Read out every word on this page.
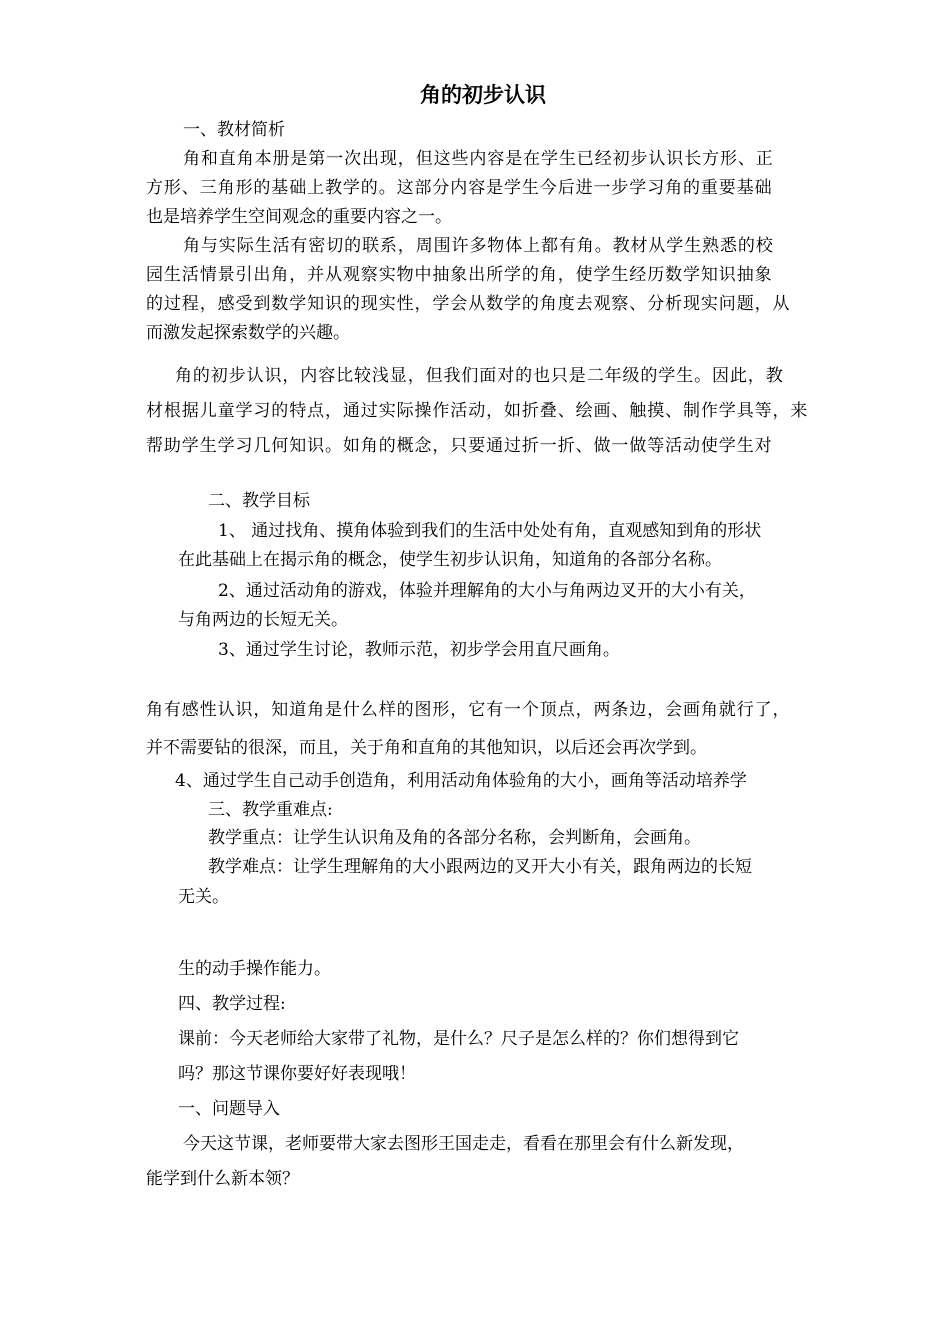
角的初步认识
一、教材简析
角和直角本册是第一次出现，但这些内容是在学生已经初步认识长方形、正
方形、三角形的基础上教学的。这部分内容是学生今后进一步学习角的重要基础
也是培养学生空间观念的重要内容之一。
角与实际生活有密切的联系，周围许多物体上都有角。教材从学生熟悉的校
园生活情景引出角，并从观察实物中抽象出所学的角，使学生经历数学知识抽象
的过程，感受到数学知识的现实性，学会从数学的角度去观察、分析现实问题，从
而激发起探索数学的兴趣。
角的初步认识，内容比较浅显，但我们面对的也只是二年级的学生。因此，教
材根据儿童学习的特点，通过实际操作活动，如折叠、绘画、触摸、制作学具等，来
帮助学生学习几何知识。如角的概念，只要通过折一折、做一做等活动使学生对
二、教学目标
1、 通过找角、摸角体验到我们的生活中处处有角，直观感知到角的形状
在此基础上在揭示角的概念，使学生初步认识角，知道角的各部分名称。
2、通过活动角的游戏，体验并理解角的大小与角两边叉开的大小有关，
与角两边的长短无关。
3、通过学生讨论，教师示范，初步学会用直尺画角。
角有感性认识，知道角是什么样的图形，它有一个顶点，两条边，会画角就行了，
并不需要钻的很深，而且，关于角和直角的其他知识，以后还会再次学到。
4、通过学生自己动手创造角，利用活动角体验角的大小，画角等活动培养学
三、教学重难点:
教学重点：让学生认识角及角的各部分名称，会判断角，会画角。
教学难点：让学生理解角的大小跟两边的叉开大小有关，跟角两边的长短
无关。
生的动手操作能力。
四、教学过程:
课前：今天老师给大家带了礼物，是什么？尺子是怎么样的？你们想得到它
吗？那这节课你要好好表现哦！
一、问题导入
今天这节课，老师要带大家去图形王国走走，看看在那里会有什么新发现，
能学到什么新本领？
